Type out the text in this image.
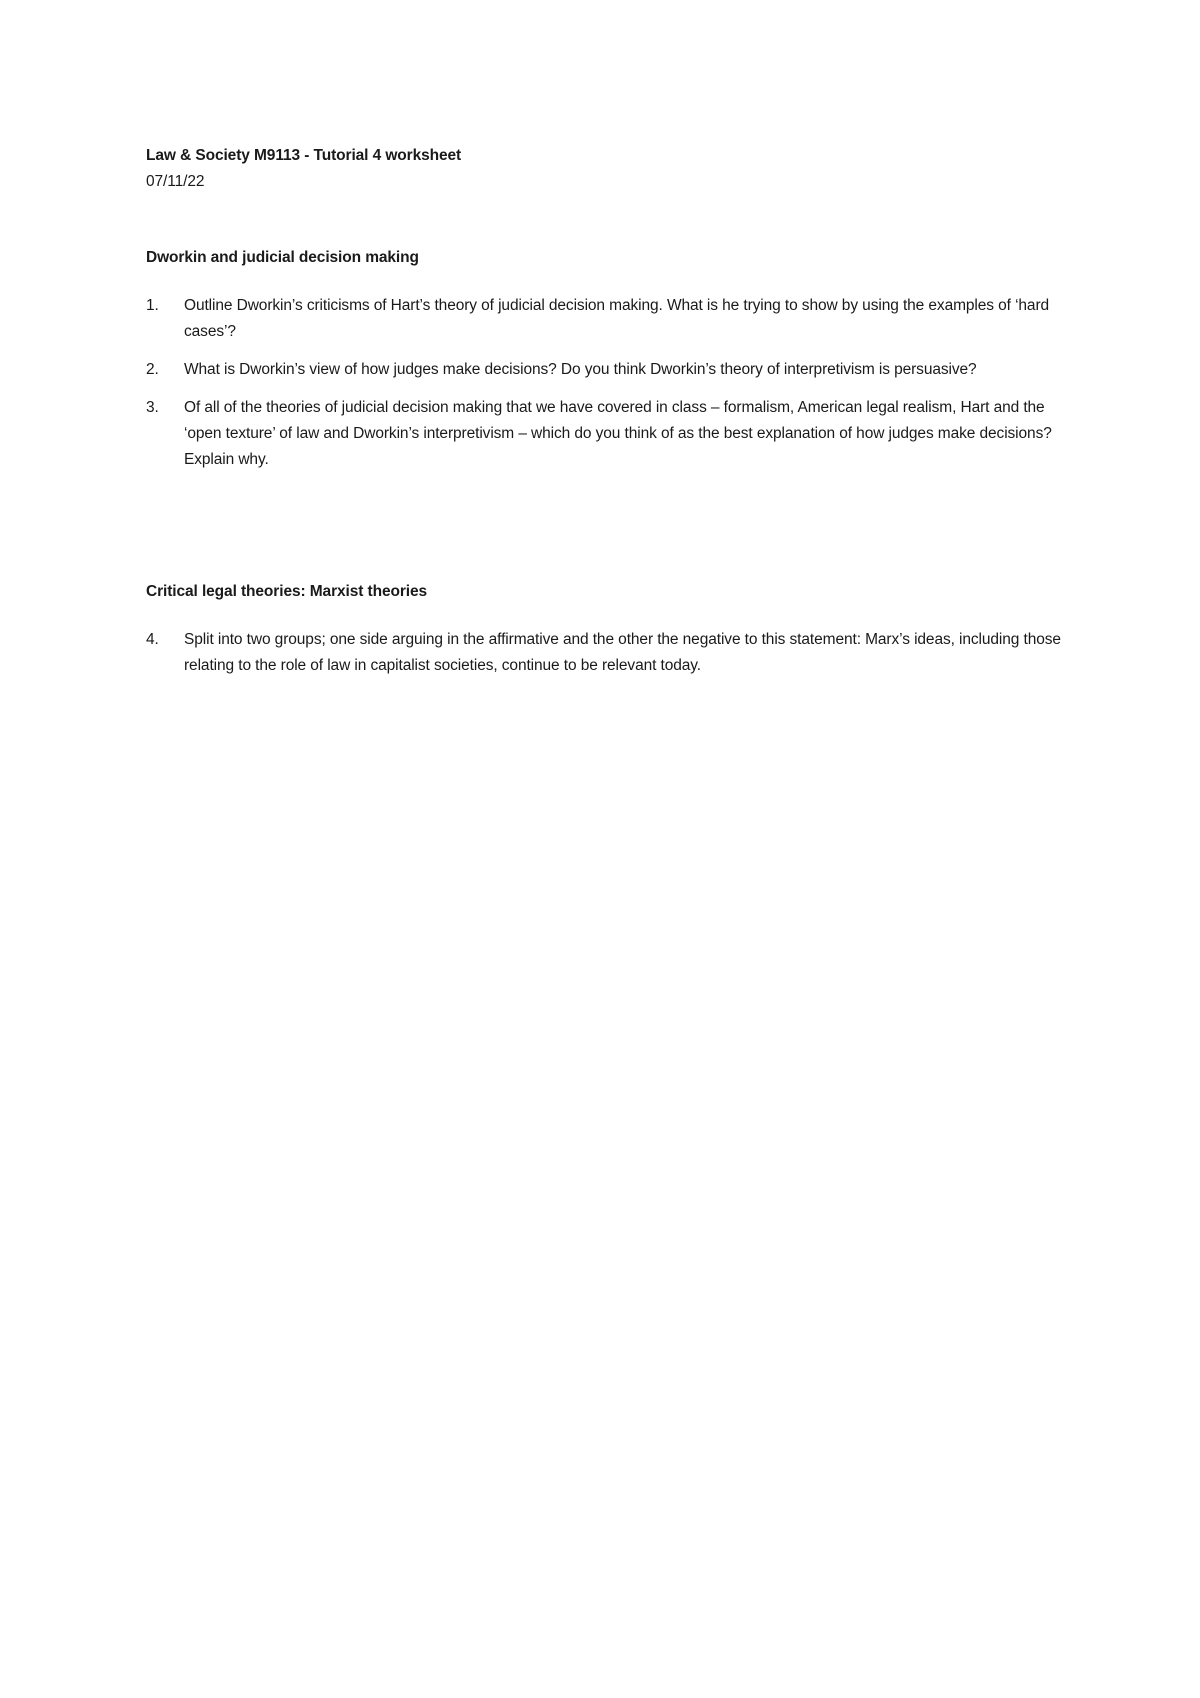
Law & Society M9113 - Tutorial 4 worksheet

07/11/22

Dworkin and judicial decision making

1.	Outline Dworkin’s criticisms of Hart’s theory of judicial decision making. What is he trying to show by using the examples of ‘hard cases’?
2.	What is Dworkin’s view of how judges make decisions? Do you think Dworkin’s theory of interpretivism is persuasive?
3.	Of all of the theories of judicial decision making that we have covered in class – formalism, American legal realism, Hart and the ‘open texture’ of law and Dworkin’s interpretivism – which do you think of as the best explanation of how judges make decisions? Explain why.

Critical legal theories: Marxist theories

4.	Split into two groups; one side arguing in the affirmative and the other the negative to this statement: Marx’s ideas, including those relating to the role of law in capitalist societies, continue to be relevant today.
